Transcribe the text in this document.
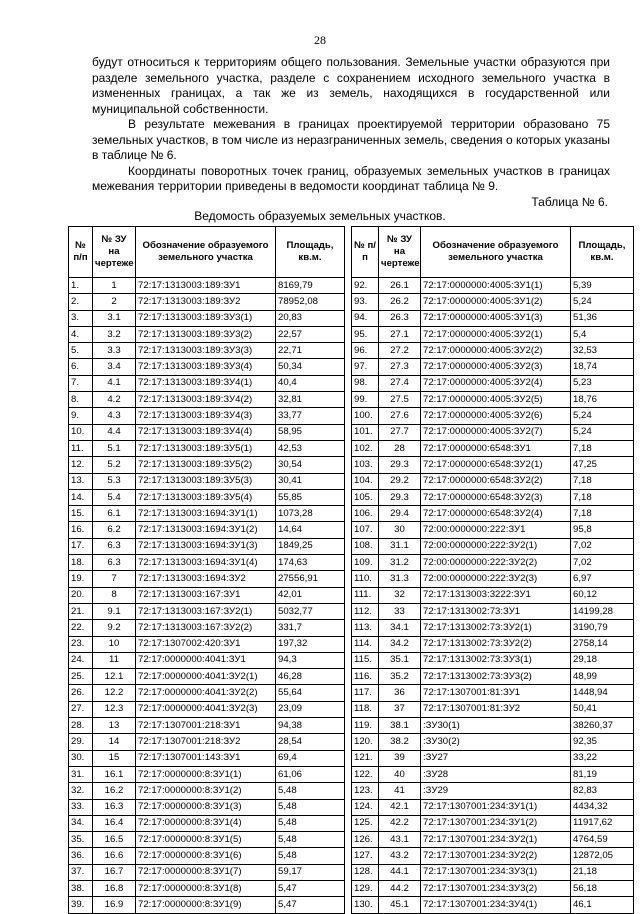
28

будут относиться к территориям общего пользования. Земельные участки образуются при разделе земельного участка, разделе с сохранением исходного земельного участка в измененных границах, а так же из земель, находящихся в государственной или муниципальной собственности.

В результате межевания в границах проектируемой территории образовано 75 земельных участков, в том числе из неразграниченных земель, сведения о которых указаны в таблице № 6.

Координаты поворотных точек границ, образуемых земельных участков в границах межевания территории приведены в ведомости координат таблица № 9.

Таблица № 6.
Ведомость образуемых земельных участков.
№ п/п	№ ЗУ на чертеже	Обозначение образуемого земельного участка	Площадь, кв.м.
1.	1	72:17:1313003:189:ЗУ1	8169,79
2.	2	72:17:1313003:189:ЗУ2	78952,08
3.	3.1	72:17:1313003:189:ЗУ3(1)	20,83
4.	3.2	72:17:1313003:189:ЗУ3(2)	22,57
5.	3.3	72:17:1313003:189:ЗУ3(3)	22,71
6.	3.4	72:17:1313003:189:ЗУ3(4)	50,34
7.	4.1	72:17:1313003:189:ЗУ4(1)	40,4
8.	4.2	72:17:1313003:189:ЗУ4(2)	32,81
9.	4.3	72:17:1313003:189:ЗУ4(3)	33,77
10.	4.4	72:17:1313003:189:ЗУ4(4)	58,95
11.	5.1	72:17:1313003:189:ЗУ5(1)	42,53
12.	5.2	72:17:1313003:189:ЗУ5(2)	30,54
13.	5.3	72:17:1313003:189:ЗУ5(3)	30,41
14.	5.4	72:17:1313003:189:ЗУ5(4)	55,85
15.	6.1	72:17:1313003:1694:ЗУ1(1)	1073,28
16.	6.2	72:17:1313003:1694:ЗУ1(2)	14,64
17.	6.3	72:17:1313003:1694:ЗУ1(3)	1849,25
18.	6.3	72:17:1313003:1694:ЗУ1(4)	174,63
19.	7	72:17:1313003:1694:ЗУ2	27556,91
20.	8	72:17:1313003:167:ЗУ1	42,01
21.	9.1	72:17:1313003:167:ЗУ2(1)	5032,77
22.	9.2	72:17:1313003:167:ЗУ2(2)	331,7
23.	10	72:17:1307002:420:ЗУ1	197,32
24.	11	72:17:0000000:4041:ЗУ1	94,3
25.	12.1	72:17:0000000:4041:ЗУ2(1)	46,28
26.	12.2	72:17:0000000:4041:ЗУ2(2)	55,64
27.	12.3	72:17:0000000:4041:ЗУ2(3)	23,09
28.	13	72:17:1307001:218:ЗУ1	94,38
29.	14	72:17:1307001:218:ЗУ2	28,54
30.	15	72:17:1307001:143:ЗУ1	69,4
31.	16.1	72:17:0000000:8:ЗУ1(1)	61,06
32.	16.2	72:17:0000000:8:ЗУ1(2)	5,48
33.	16.3	72:17:0000000:8:ЗУ1(3)	5,48
34.	16.4	72:17:0000000:8:ЗУ1(4)	5,48
35.	16.5	72:17:0000000:8:ЗУ1(5)	5,48
36.	16.6	72:17:0000000:8:ЗУ1(6)	5,48
37.	16.7	72:17:0000000:8:ЗУ1(7)	59,17
38.	16.8	72:17:0000000:8:ЗУ1(8)	5,47
39.	16.9	72:17:0000000:8:ЗУ1(9)	5,47
№ п/п	№ ЗУ на чертеже	Обозначение образуемого земельного участка	Площадь, кв.м.
92.	26.1	72:17:0000000:4005:ЗУ1(1)	5,39
93.	26.2	72:17:0000000:4005:ЗУ1(2)	5,24
94.	26.3	72:17:0000000:4005:ЗУ1(3)	51,36
95.	27.1	72:17:0000000:4005:ЗУ2(1)	5,4
96.	27.2	72:17:0000000:4005:ЗУ2(2)	32,53
97.	27.3	72:17:0000000:4005:ЗУ2(3)	18,74
98.	27.4	72:17:0000000:4005:ЗУ2(4)	5,23
99.	27.5	72:17:0000000:4005:ЗУ2(5)	18,76
100.	27.6	72:17:0000000:4005:ЗУ2(6)	5,24
101.	27.7	72:17:0000000:4005:ЗУ2(7)	5,24
102.	28	72:17:0000000:6548:ЗУ1	7,18
103.	29.3	72:17:0000000:6548:ЗУ2(1)	47,25
104.	29.2	72:17:0000000:6548:ЗУ2(2)	7,18
105.	29.3	72:17:0000000:6548:ЗУ2(3)	7,18
106.	29.4	72:17:0000000:6548:ЗУ2(4)	7,18
107.	30	72:00:0000000:222:ЗУ1	95,8
108.	31.1	72:00:0000000:222:ЗУ2(1)	7,02
109.	31.2	72:00:0000000:222:ЗУ2(2)	7,02
110.	31.3	72:00:0000000:222:ЗУ2(3)	6,97
111.	32	72:17:1313003:3222:ЗУ1	60,12
112.	33	72:17:1313002:73:ЗУ1	14199,28
113.	34.1	72:17:1313002:73:ЗУ2(1)	3190,79
114.	34.2	72:17:1313002:73:ЗУ2(2)	2758,14
115.	35.1	72:17:1313002:73:ЗУ3(1)	29,18
116.	35.2	72:17:1313002:73:ЗУ3(2)	48,99
117.	36	72:17:1307001:81:ЗУ1	1448,94
118.	37	72:17:1307001:81:ЗУ2	50,41
119.	38.1	:ЗУ30(1)	38260,37
120.	38.2	:ЗУ30(2)	92,35
121.	39	:ЗУ27	33,22
122.	40	:ЗУ28	81,19
123.	41	:ЗУ29	82,83
124.	42.1	72:17:1307001:234:ЗУ1(1)	4434,32
125.	42.2	72:17:1307001:234:ЗУ1(2)	11917,62
126.	43.1	72:17:1307001:234:ЗУ2(1)	4764,59
127.	43.2	72:17:1307001:234:ЗУ2(2)	12872,05
128.	44.1	72:17:1307001:234:ЗУ3(1)	21,18
129.	44.2	72:17:1307001:234:ЗУ3(2)	56,18
130.	45.1	72:17:1307001:234:ЗУ4(1)	46,1
